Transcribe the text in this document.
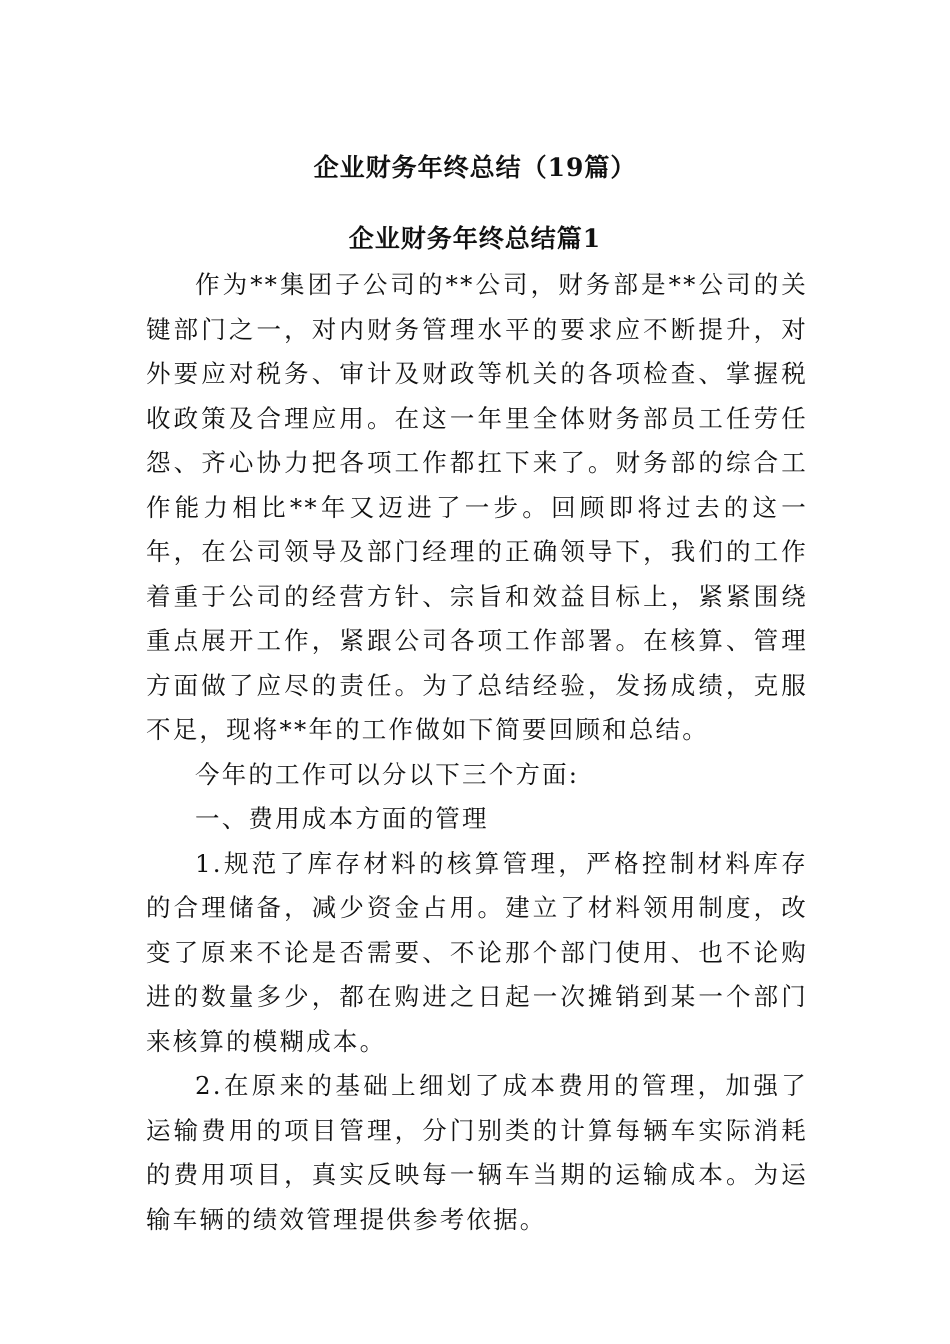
企业财务年终总结（19篇）
企业财务年终总结篇1

作为**集团子公司的**公司，财务部是**公司的关键部门之一，对内财务管理水平的要求应不断提升，对外要应对税务、审计及财政等机关的各项检查、掌握税收政策及合理应用。在这一年里全体财务部员工任劳任怨、齐心协力把各项工作都扛下来了。财务部的综合工作能力相比**年又迈进了一步。回顾即将过去的这一年，在公司领导及部门经理的正确领导下，我们的工作着重于公司的经营方针、宗旨和效益目标上，紧紧围绕重点展开工作，紧跟公司各项工作部署。在核算、管理方面做了应尽的责任。为了总结经验，发扬成绩，克服不足，现将**年的工作做如下简要回顾和总结。

今年的工作可以分以下三个方面:

一、费用成本方面的管理

1.规范了库存材料的核算管理，严格控制材料库存的合理储备，减少资金占用。建立了材料领用制度，改变了原来不论是否需要、不论那个部门使用、也不论购进的数量多少，都在购进之日起一次摊销到某一个部门来核算的模糊成本。

2.在原来的基础上细划了成本费用的管理，加强了运输费用的项目管理，分门别类的计算每辆车实际消耗的费用项目，真实反映每一辆车当期的运输成本。为运输车辆的绩效管理提供参考依据。
